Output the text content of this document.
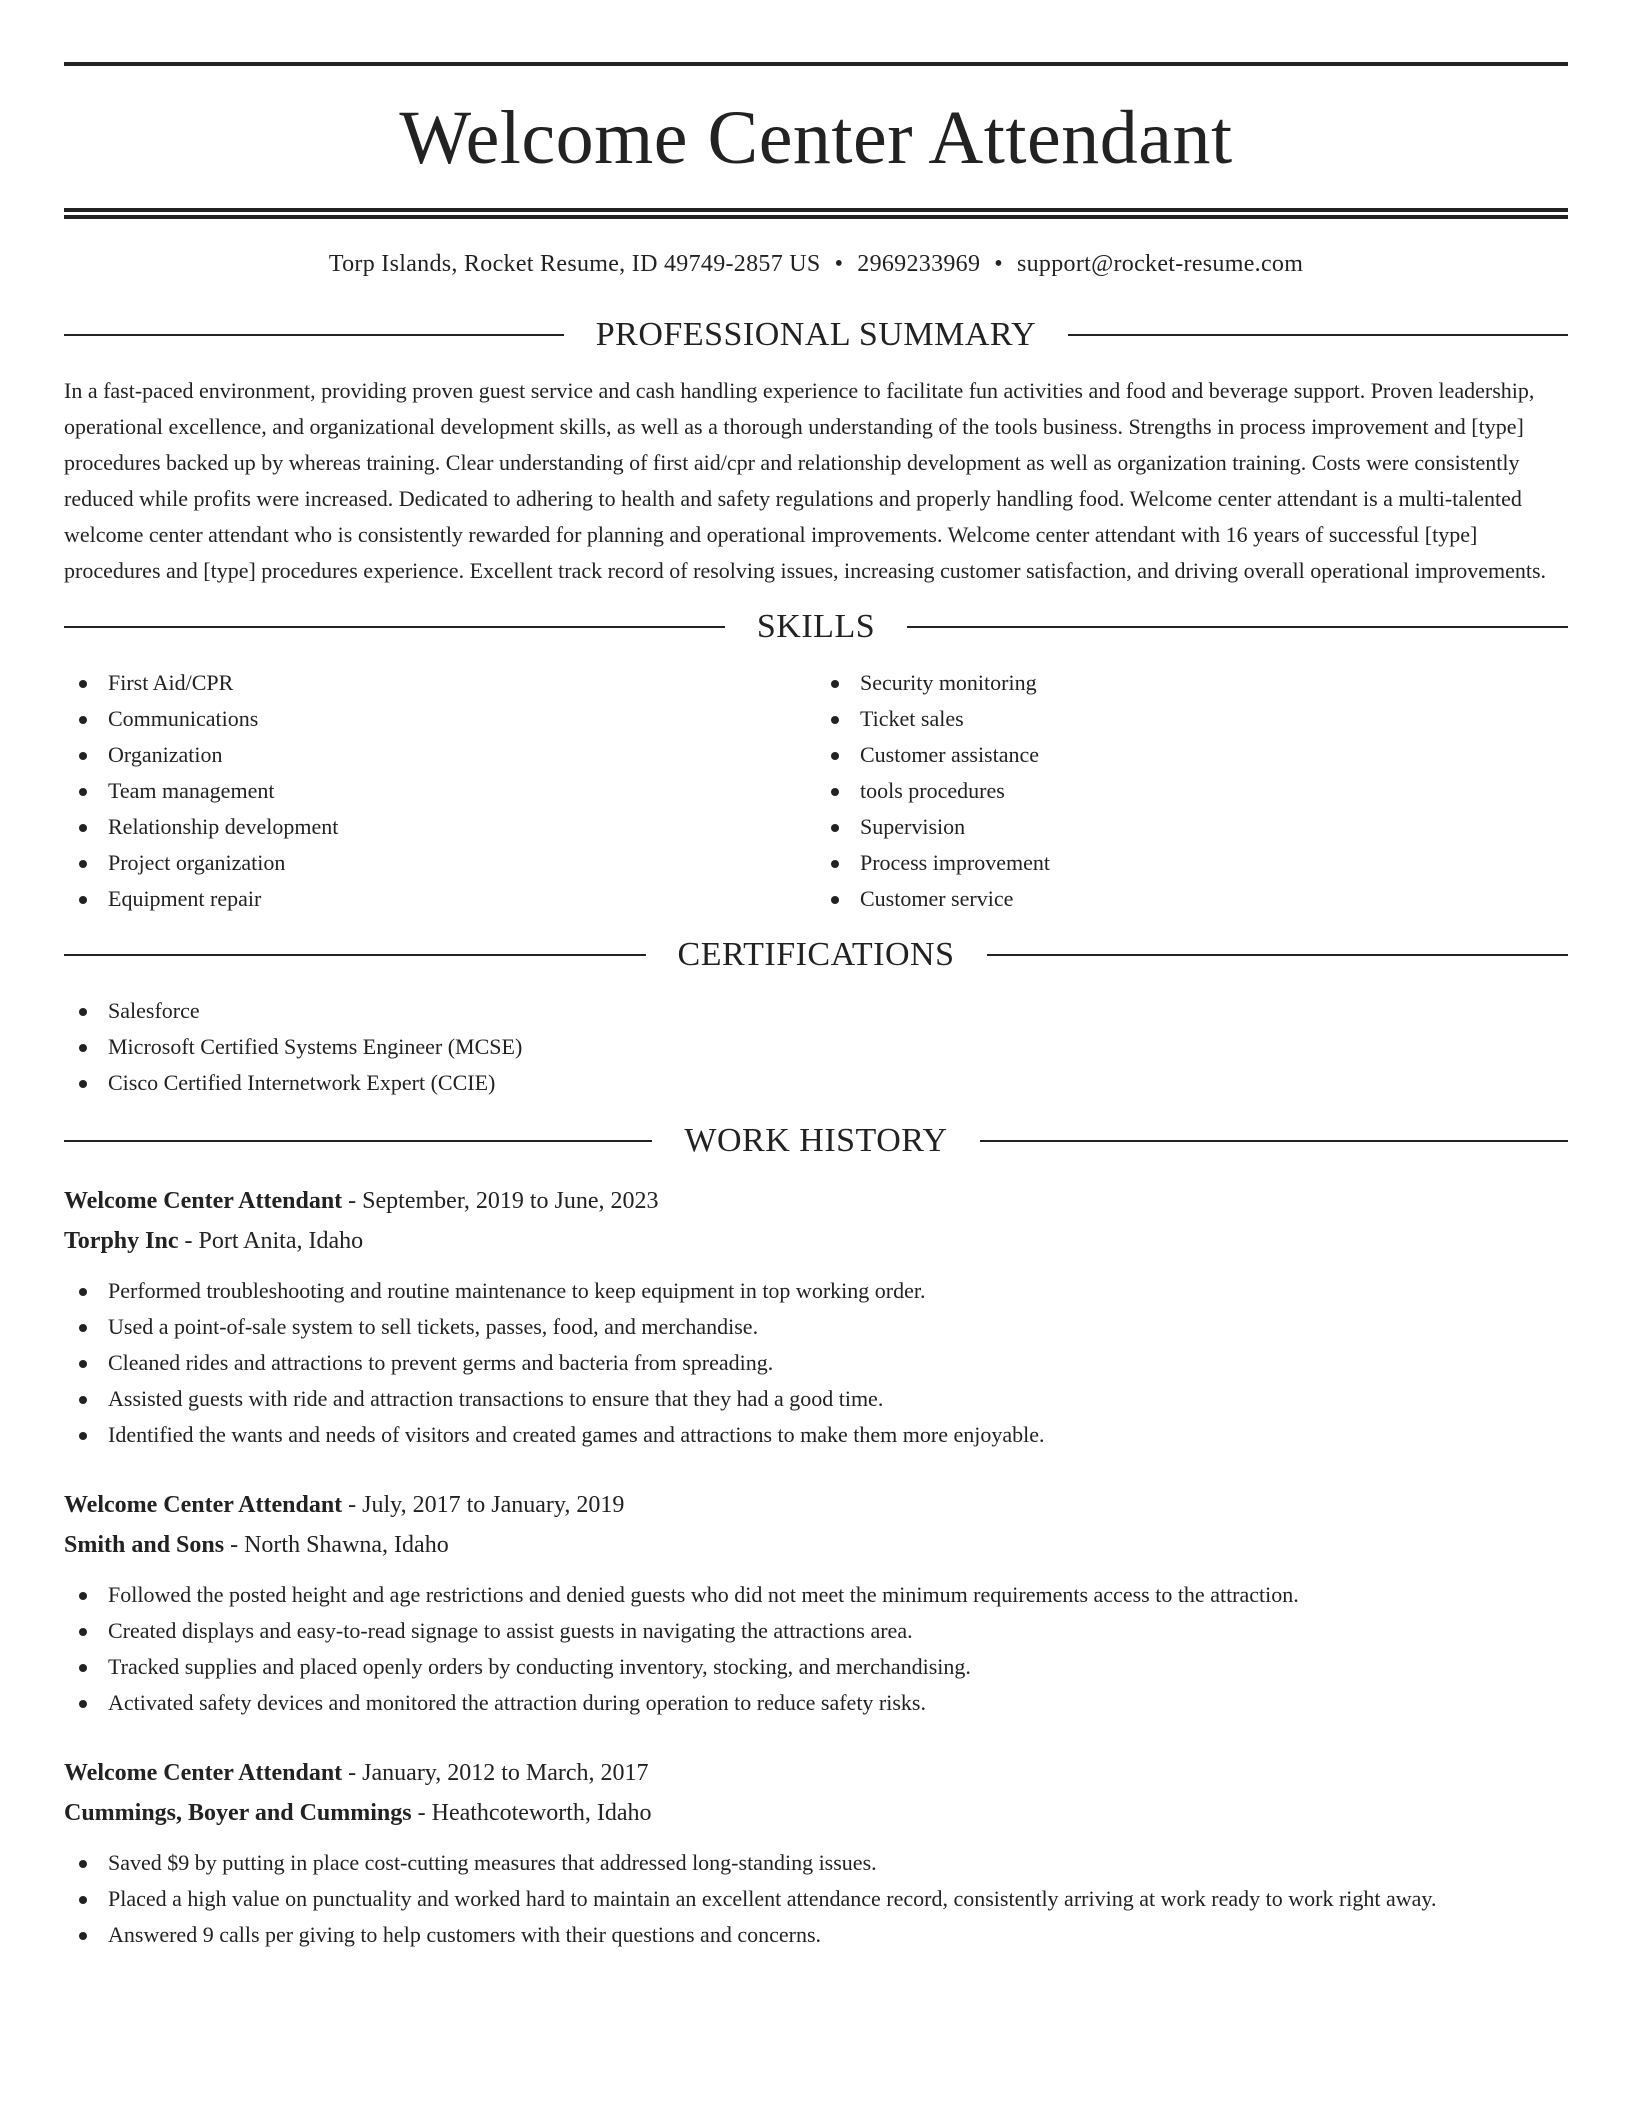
Welcome Center Attendant
Torp Islands, Rocket Resume, ID 49749-2857 US • 2969233969 • support@rocket-resume.com
PROFESSIONAL SUMMARY

In a fast-paced environment, providing proven guest service and cash handling experience to facilitate fun activities and food and beverage support. Proven leadership, operational excellence, and organizational development skills, as well as a thorough understanding of the tools business. Strengths in process improvement and [type] procedures backed up by whereas training. Clear understanding of first aid/cpr and relationship development as well as organization training. Costs were consistently reduced while profits were increased. Dedicated to adhering to health and safety regulations and properly handling food. Welcome center attendant is a multi-talented welcome center attendant who is consistently rewarded for planning and operational improvements. Welcome center attendant with 16 years of successful [type] procedures and [type] procedures experience. Excellent track record of resolving issues, increasing customer satisfaction, and driving overall operational improvements.

SKILLS
First Aid/CPR
Communications
Organization
Team management
Relationship development
Project organization
Equipment repair
Security monitoring
Ticket sales
Customer assistance
tools procedures
Supervision
Process improvement
Customer service
CERTIFICATIONS
Salesforce
Microsoft Certified Systems Engineer (MCSE)
Cisco Certified Internetwork Expert (CCIE)
WORK HISTORY
Welcome Center Attendant - September, 2019 to June, 2023
Torphy Inc - Port Anita, Idaho
Performed troubleshooting and routine maintenance to keep equipment in top working order.
Used a point-of-sale system to sell tickets, passes, food, and merchandise.
Cleaned rides and attractions to prevent germs and bacteria from spreading.
Assisted guests with ride and attraction transactions to ensure that they had a good time.
Identified the wants and needs of visitors and created games and attractions to make them more enjoyable.
Welcome Center Attendant - July, 2017 to January, 2019
Smith and Sons - North Shawna, Idaho
Followed the posted height and age restrictions and denied guests who did not meet the minimum requirements access to the attraction.
Created displays and easy-to-read signage to assist guests in navigating the attractions area.
Tracked supplies and placed openly orders by conducting inventory, stocking, and merchandising.
Activated safety devices and monitored the attraction during operation to reduce safety risks.
Welcome Center Attendant - January, 2012 to March, 2017
Cummings, Boyer and Cummings - Heathcoteworth, Idaho
Saved $9 by putting in place cost-cutting measures that addressed long-standing issues.
Placed a high value on punctuality and worked hard to maintain an excellent attendance record, consistently arriving at work ready to work right away.
Answered 9 calls per giving to help customers with their questions and concerns.
